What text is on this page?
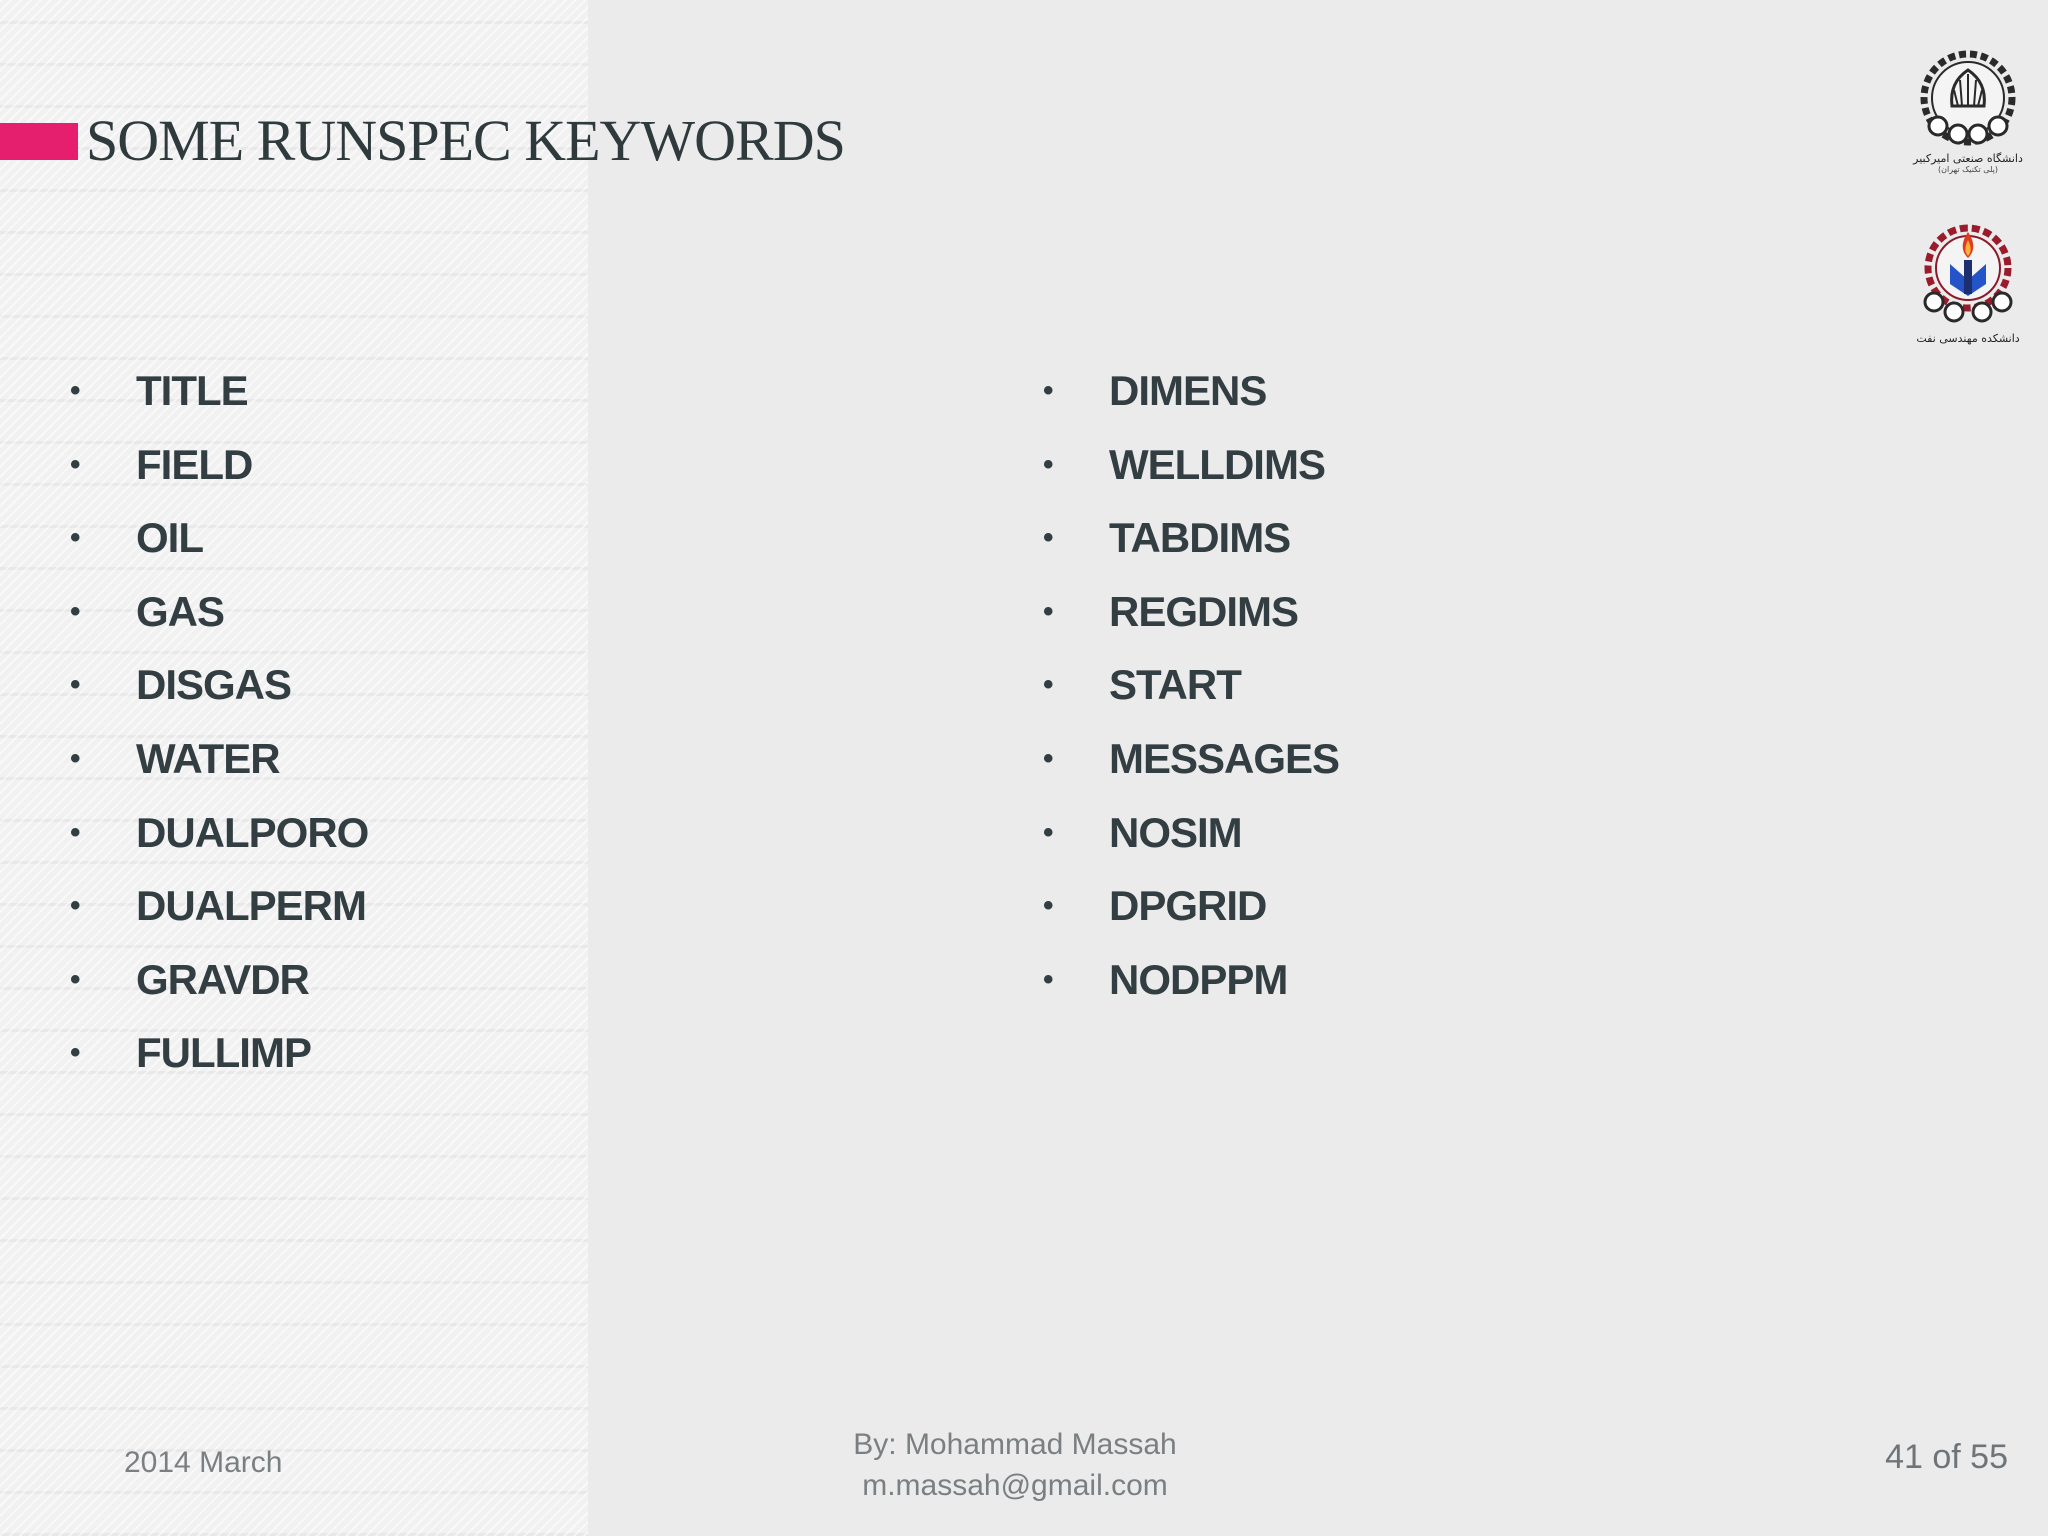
SOME RUNSPEC KEYWORDS	دانشگاه صنعتی امیرکبیر
(پلی تکنیک تهران)
دانشکده مهندسی نفت
• TITLE
• FIELD
• OIL
• GAS
• DISGAS
• WATER
• DUALPORO
• DUALPERM
• GRAVDR
• FULLIMP
• DIMENS
• WELLDIMS
• TABDIMS
• REGDIMS
• START
• MESSAGES
• NOSIM
• DPGRID
• NODPPM
2014 March
By: Mohammad Massah
m.massah@gmail.com
41 of 55
